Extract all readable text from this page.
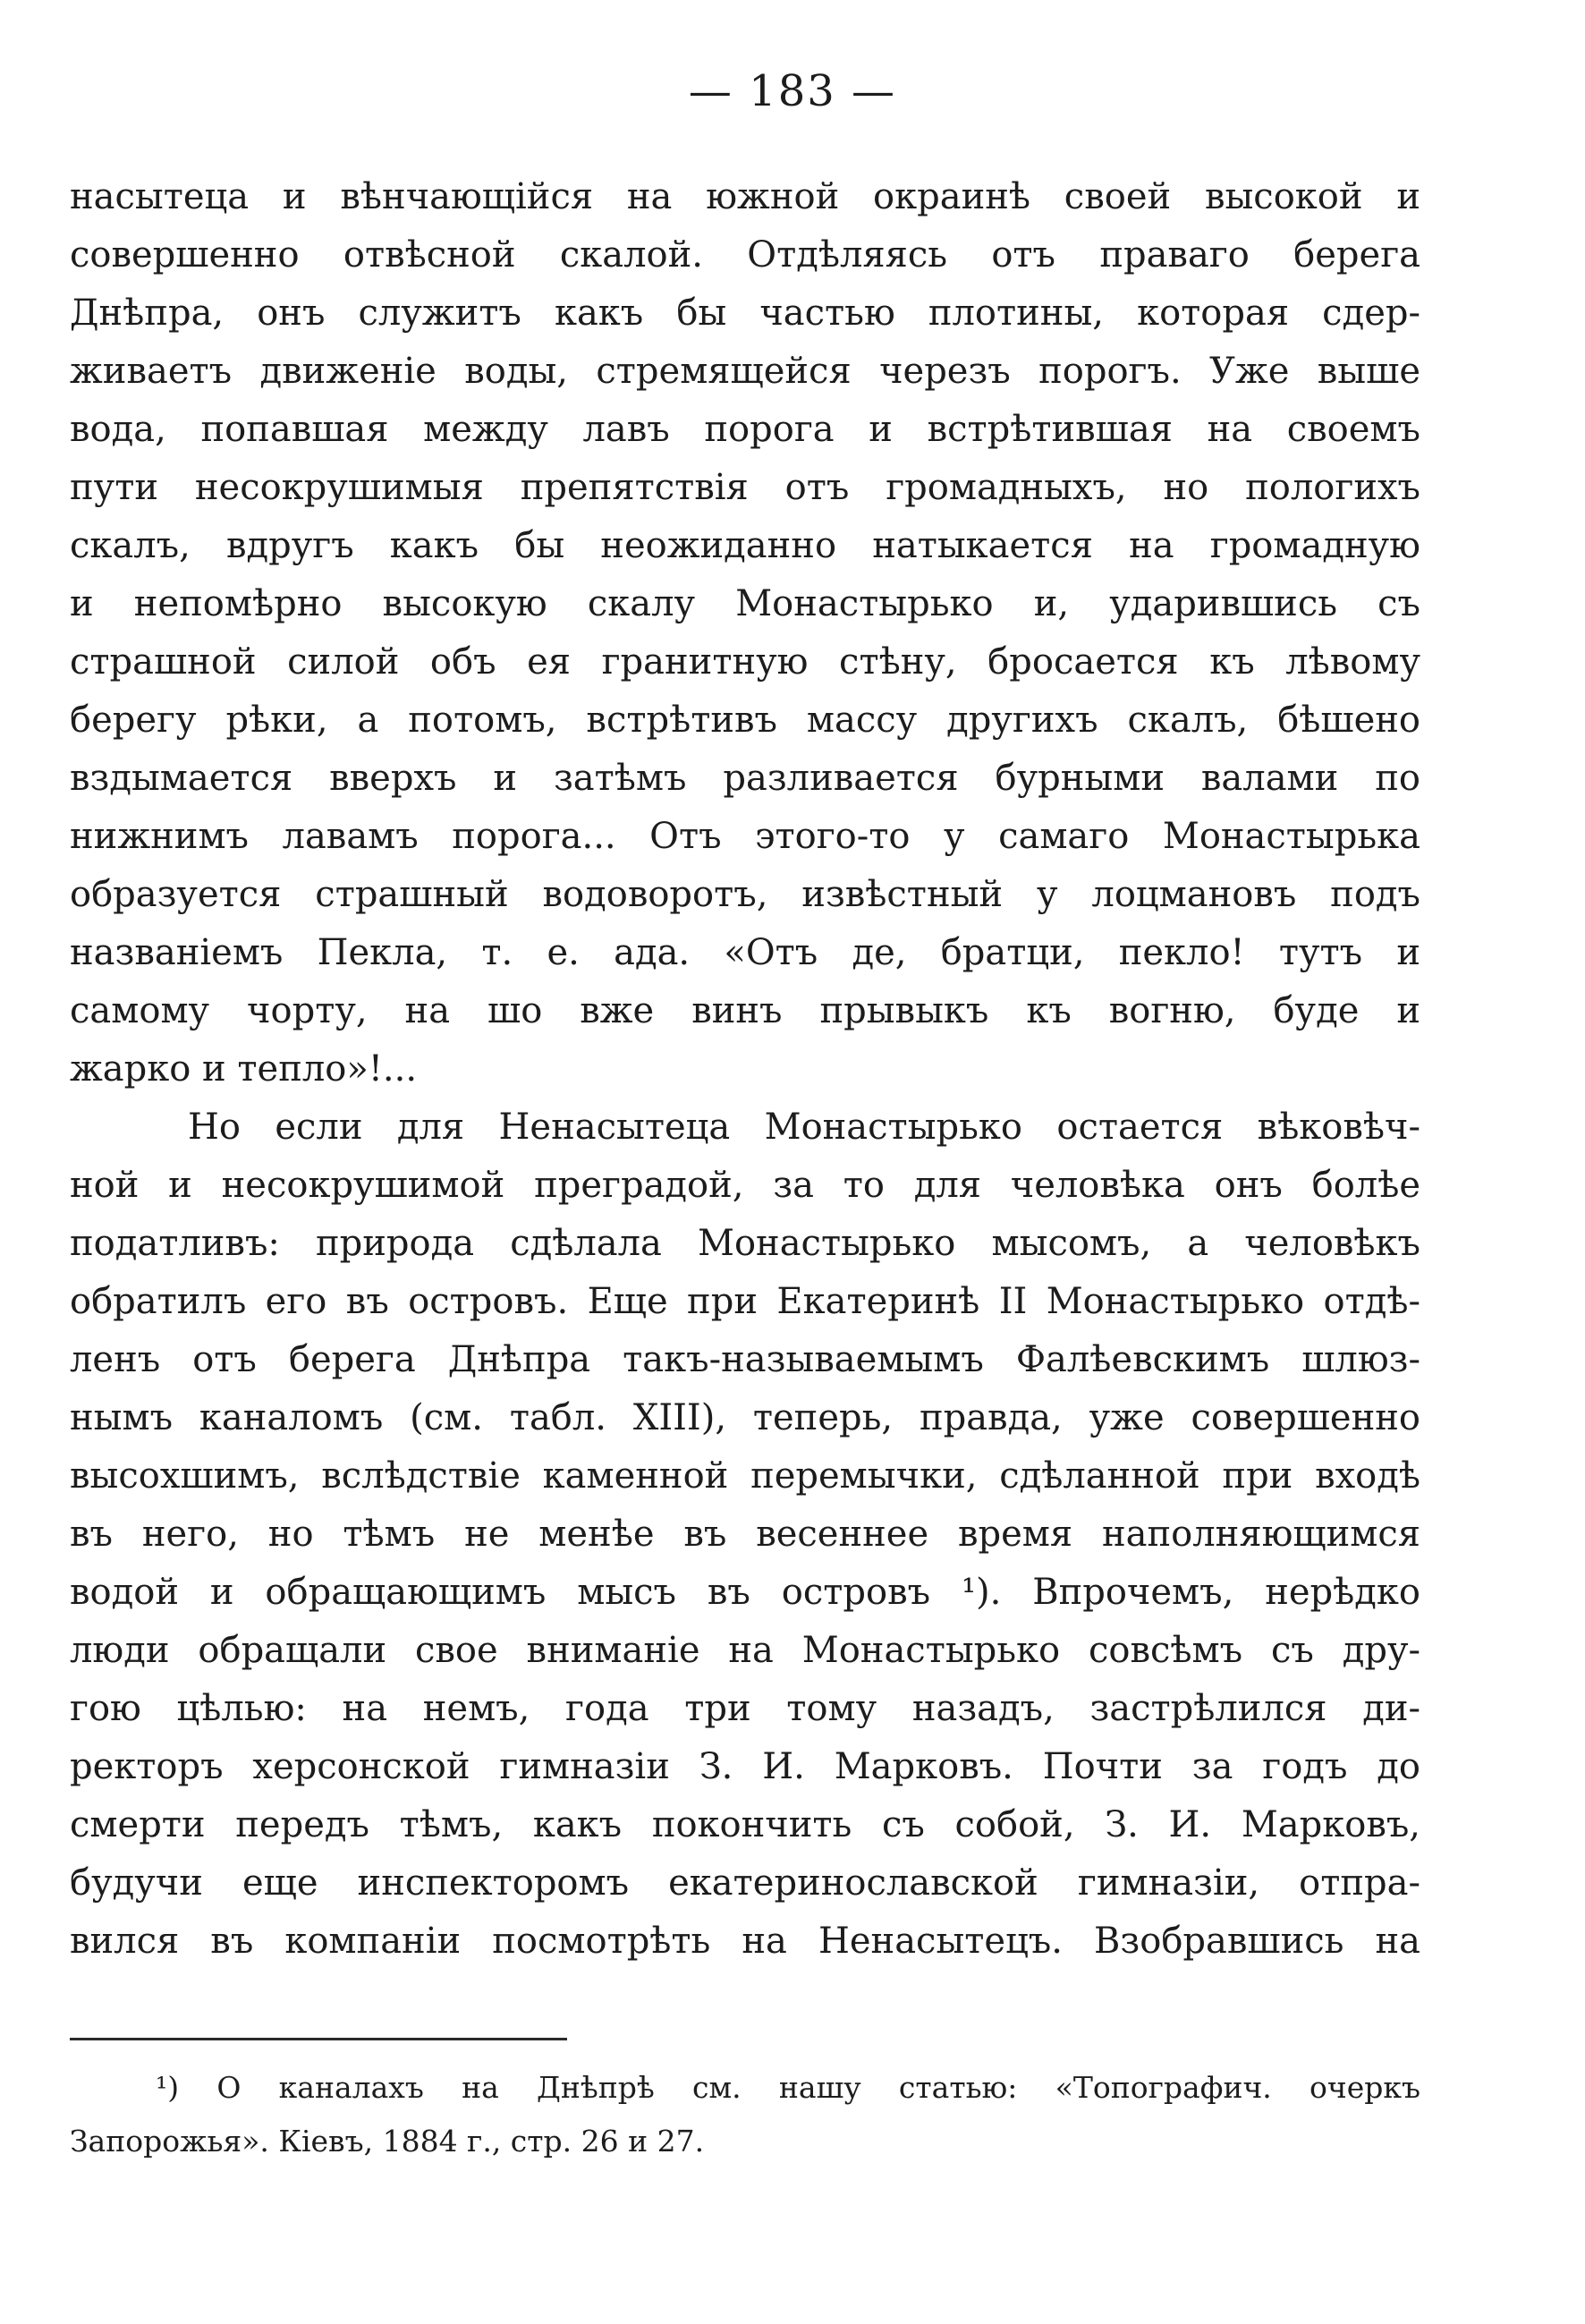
— 183 —
насытеца и вѣнчающійся на южной окраинѣ своей высокой и
совершенно отвѣсной скалой. Отдѣляясь отъ праваго берега
Днѣпра, онъ служитъ какъ бы частью плотины, которая сдер-
живаетъ движеніе воды, стремящейся черезъ порогъ. Уже выше
вода, попавшая между лавъ порога и встрѣтившая на своемъ
пути несокрушимыя препятствія отъ громадныхъ, но пологихъ
скалъ, вдругъ какъ бы неожиданно натыкается на громадную
и непомѣрно высокую скалу Монастырько и, ударившись съ
страшной силой объ ея гранитную стѣну, бросается къ лѣвому
берегу рѣки, а потомъ, встрѣтивъ массу другихъ скалъ, бѣшено
вздымается вверхъ и затѣмъ разливается бурными валами по
нижнимъ лавамъ порога... Отъ этого-то у самаго Монастырька
образуется страшный водоворотъ, извѣстный у лоцмановъ подъ
названіемъ Пекла, т. е. ада. «Отъ де, братци, пекло! тутъ и
самому чорту, на шо вже винъ прывыкъ къ вогню, буде и
жарко и тепло»!...
Но если для Ненасытеца Монастырько остается вѣковѣч-
ной и несокрушимой преградой, за то для человѣка онъ болѣе
податливъ: природа сдѣлала Монастырько мысомъ, а человѣкъ
обратилъ его въ островъ. Еще при Екатеринѣ II Монастырько отдѣ-
ленъ отъ берега Днѣпра такъ-называемымъ Фалѣевскимъ шлюз-
нымъ каналомъ (см. табл. XIII), теперь, правда, уже совершенно
высохшимъ, вслѣдствіе каменной перемычки, сдѣланной при входѣ
въ него, но тѣмъ не менѣе въ весеннее время наполняющимся
водой и обращающимъ мысъ въ островъ ¹). Впрочемъ, нерѣдко
люди обращали свое вниманіе на Монастырько совсѣмъ съ дру-
гою цѣлью: на немъ, года три тому назадъ, застрѣлился ди-
ректоръ херсонской гимназіи З. И. Марковъ. Почти за годъ до
смерти передъ тѣмъ, какъ покончить съ собой, З. И. Марковъ,
будучи еще инспекторомъ екатеринославской гимназіи, отпра-
вился въ компаніи посмотрѣть на Ненасытецъ. Взобравшись на
¹) О каналахъ на Днѣпрѣ см. нашу статью: «Топографич. очеркъ
Запорожья». Кіевъ, 1884 г., стр. 26 и 27.
